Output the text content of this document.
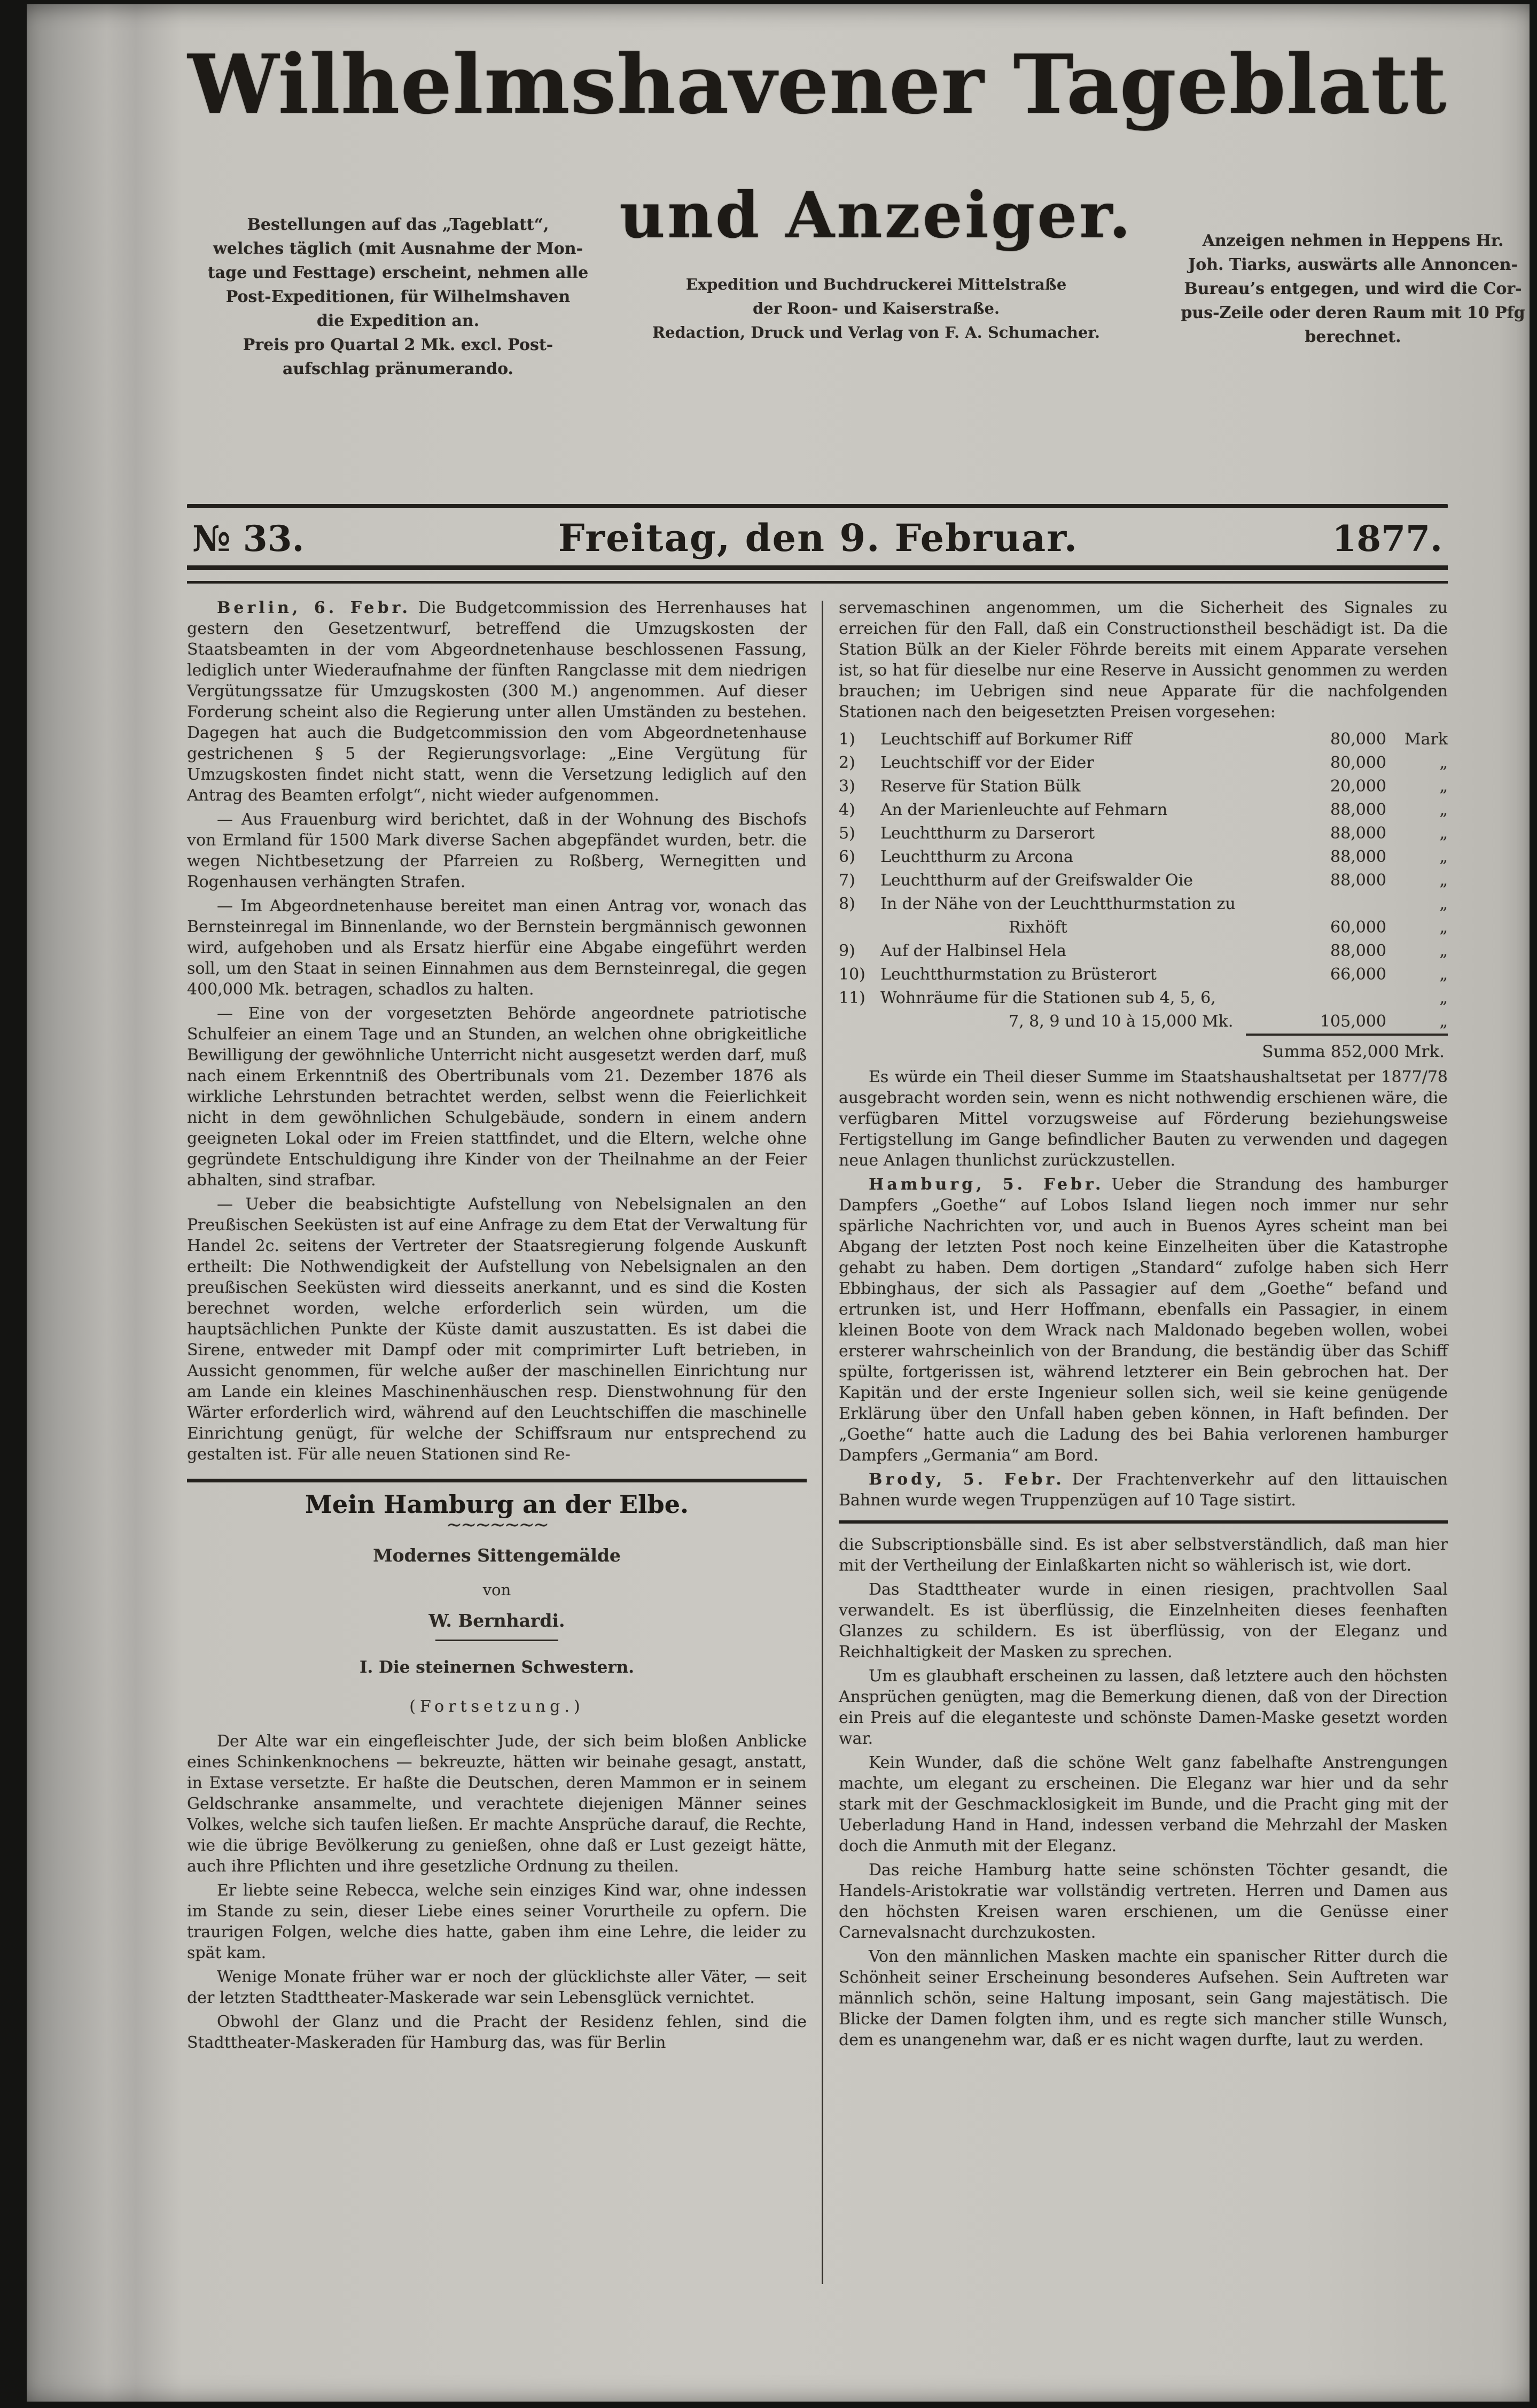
Wilhelmshavener Tageblatt
Bestellungen auf das „Tageblatt“,
welches täglich (mit Ausnahme der Mon-
tage und Festtage) erscheint, nehmen alle
Post-Expeditionen, für Wilhelmshaven
die Expedition an.
Preis pro Quartal 2 Mk. excl. Post-
aufschlag pränumerando.
und Anzeiger.
Expedition und Buchdruckerei Mittelstraße
der Roon- und Kaiserstraße.
Redaction, Druck und Verlag von F. A. Schumacher.
Anzeigen nehmen in Heppens Hr.
Joh. Tiarks, auswärts alle Annoncen-
Bureau’s entgegen, und wird die Cor-
pus-Zeile oder deren Raum mit 10 Pfg
berechnet.
№ 33.	Freitag, den 9. Februar.	1877.

Berlin, 6. Febr. Die Budgetcommission des Herrenhauses hat gestern den Gesetzentwurf, betreffend die Umzugskosten der Staatsbeamten in der vom Abgeordnetenhause beschlossenen Fassung, lediglich unter Wiederaufnahme der fünften Rangclasse mit dem niedrigen Vergütungssatze für Umzugskosten (300 M.) angenommen. Auf dieser Forderung scheint also die Regierung unter allen Umständen zu bestehen. Dagegen hat auch die Budgetcommission den vom Abgeordnetenhause gestrichenen § 5 der Regierungsvorlage: „Eine Vergütung für Umzugskosten findet nicht statt, wenn die Versetzung lediglich auf den Antrag des Beamten erfolgt“, nicht wieder aufgenommen.

— Aus Frauenburg wird berichtet, daß in der Wohnung des Bischofs von Ermland für 1500 Mark diverse Sachen abgepfändet wurden, betr. die wegen Nichtbesetzung der Pfarreien zu Roßberg, Wernegitten und Rogenhausen verhängten Strafen.

— Im Abgeordnetenhause bereitet man einen Antrag vor, wonach das Bernsteinregal im Binnenlande, wo der Bernstein bergmännisch gewonnen wird, aufgehoben und als Ersatz hierfür eine Abgabe eingeführt werden soll, um den Staat in seinen Einnahmen aus dem Bernsteinregal, die gegen 400,000 Mk. betragen, schadlos zu halten.

— Eine von der vorgesetzten Behörde angeordnete patriotische Schulfeier an einem Tage und an Stunden, an welchen ohne obrigkeitliche Bewilligung der gewöhnliche Unterricht nicht ausgesetzt werden darf, muß nach einem Erkenntniß des Obertribunals vom 21. Dezember 1876 als wirkliche Lehrstunden betrachtet werden, selbst wenn die Feierlichkeit nicht in dem gewöhnlichen Schulgebäude, sondern in einem andern geeigneten Lokal oder im Freien stattfindet, und die Eltern, welche ohne gegründete Entschuldigung ihre Kinder von der Theilnahme an der Feier abhalten, sind strafbar.

— Ueber die beabsichtigte Aufstellung von Nebelsignalen an den Preußischen Seeküsten ist auf eine Anfrage zu dem Etat der Verwaltung für Handel 2c. seitens der Vertreter der Staatsregierung folgende Auskunft ertheilt: Die Nothwendigkeit der Aufstellung von Nebelsignalen an den preußischen Seeküsten wird diesseits anerkannt, und es sind die Kosten berechnet worden, welche erforderlich sein würden, um die hauptsächlichen Punkte der Küste damit auszustatten. Es ist dabei die Sirene, entweder mit Dampf oder mit comprimirter Luft betrieben, in Aussicht genommen, für welche außer der maschinellen Einrichtung nur am Lande ein kleines Maschinenhäuschen resp. Dienstwohnung für den Wärter erforderlich wird, während auf den Leuchtschiffen die maschinelle Einrichtung genügt, für welche der Schiffsraum nur entsprechend zu gestalten ist. Für alle neuen Stationen sind Re-

Mein Hamburg an der Elbe.
~~~~~~~
Modernes Sittengemälde
von
W. Bernhardi.
I. Die steinernen Schwestern.
(Fortsetzung.)

Der Alte war ein eingefleischter Jude, der sich beim bloßen Anblicke eines Schinkenknochens — bekreuzte, hätten wir beinahe gesagt, anstatt, in Extase versetzte. Er haßte die Deutschen, deren Mammon er in seinem Geldschranke ansammelte, und verachtete diejenigen Männer seines Volkes, welche sich taufen ließen. Er machte Ansprüche darauf, die Rechte, wie die übrige Bevölkerung zu genießen, ohne daß er Lust gezeigt hätte, auch ihre Pflichten und ihre gesetzliche Ordnung zu theilen.

Er liebte seine Rebecca, welche sein einziges Kind war, ohne indessen im Stande zu sein, dieser Liebe eines seiner Vorurtheile zu opfern. Die traurigen Folgen, welche dies hatte, gaben ihm eine Lehre, die leider zu spät kam.

Wenige Monate früher war er noch der glücklichste aller Väter, — seit der letzten Stadttheater-Maskerade war sein Lebensglück vernichtet.

Obwohl der Glanz und die Pracht der Residenz fehlen, sind die Stadttheater-Maskeraden für Hamburg das, was für Berlin

servemaschinen angenommen, um die Sicherheit des Signales zu erreichen für den Fall, daß ein Constructionstheil beschädigt ist. Da die Station Bülk an der Kieler Föhrde bereits mit einem Apparate versehen ist, so hat für dieselbe nur eine Reserve in Aussicht genommen zu werden brauchen; im Uebrigen sind neue Apparate für die nachfolgenden Stationen nach den beigesetzten Preisen vorgesehen:

1)	Leuchtschiff auf Borkumer Riff	80,000	Mark
2)	Leuchtschiff vor der Eider	80,000	„
3)	Reserve für Station Bülk	20,000	„
4)	An der Marienleuchte auf Fehmarn	88,000	„
5)	Leuchtthurm zu Darserort	88,000	„
6)	Leuchtthurm zu Arcona	88,000	„
7)	Leuchtthurm auf der Greifswalder Oie	88,000	„
8)	In der Nähe von der Leuchtthurmstation zu	„
Rixhöft	60,000	„
9)	Auf der Halbinsel Hela	88,000	„
10) Leuchtthurmstation zu Brüsterort	66,000	„
11) Wohnräume für die Stationen sub 4, 5, 6,	„
7, 8, 9 und 10 à 15,000 Mk.	105,000	„
Summa 852,000 Mrk.

Es würde ein Theil dieser Summe im Staatshaushaltsetat per 1877/78 ausgebracht worden sein, wenn es nicht nothwendig erschienen wäre, die verfügbaren Mittel vorzugsweise auf Förderung beziehungsweise Fertigstellung im Gange befindlicher Bauten zu verwenden und dagegen neue Anlagen thunlichst zurückzustellen.

Hamburg, 5. Febr. Ueber die Strandung des hamburger Dampfers „Goethe“ auf Lobos Island liegen noch immer nur sehr spärliche Nachrichten vor, und auch in Buenos Ayres scheint man bei Abgang der letzten Post noch keine Einzelheiten über die Katastrophe gehabt zu haben. Dem dortigen „Standard“ zufolge haben sich Herr Ebbinghaus, der sich als Passagier auf dem „Goethe“ befand und ertrunken ist, und Herr Hoffmann, ebenfalls ein Passagier, in einem kleinen Boote von dem Wrack nach Maldonado begeben wollen, wobei ersterer wahrscheinlich von der Brandung, die beständig über das Schiff spülte, fortgerissen ist, während letzterer ein Bein gebrochen hat. Der Kapitän und der erste Ingenieur sollen sich, weil sie keine genügende Erklärung über den Unfall haben geben können, in Haft befinden. Der „Goethe“ hatte auch die Ladung des bei Bahia verlorenen hamburger Dampfers „Germania“ am Bord.

Brody, 5. Febr. Der Frachtenverkehr auf den littauischen Bahnen wurde wegen Truppenzügen auf 10 Tage sistirt.

die Subscriptionsbälle sind. Es ist aber selbstverständlich, daß man hier mit der Vertheilung der Einlaßkarten nicht so wählerisch ist, wie dort.

Das Stadttheater wurde in einen riesigen, prachtvollen Saal verwandelt. Es ist überflüssig, die Einzelnheiten dieses feenhaften Glanzes zu schildern. Es ist überflüssig, von der Eleganz und Reichhaltigkeit der Masken zu sprechen.

Um es glaubhaft erscheinen zu lassen, daß letztere auch den höchsten Ansprüchen genügten, mag die Bemerkung dienen, daß von der Direction ein Preis auf die eleganteste und schönste Damen-Maske gesetzt worden war.

Kein Wunder, daß die schöne Welt ganz fabelhafte Anstrengungen machte, um elegant zu erscheinen. Die Eleganz war hier und da sehr stark mit der Geschmacklosigkeit im Bunde, und die Pracht ging mit der Ueberladung Hand in Hand, indessen verband die Mehrzahl der Masken doch die Anmuth mit der Eleganz.

Das reiche Hamburg hatte seine schönsten Töchter gesandt, die Handels-Aristokratie war vollständig vertreten. Herren und Damen aus den höchsten Kreisen waren erschienen, um die Genüsse einer Carnevalsnacht durchzukosten.

Von den männlichen Masken machte ein spanischer Ritter durch die Schönheit seiner Erscheinung besonderes Aufsehen. Sein Auftreten war männlich schön, seine Haltung imposant, sein Gang majestätisch. Die Blicke der Damen folgten ihm, und es regte sich mancher stille Wunsch, dem es unangenehm war, daß er es nicht wagen durfte, laut zu werden.
